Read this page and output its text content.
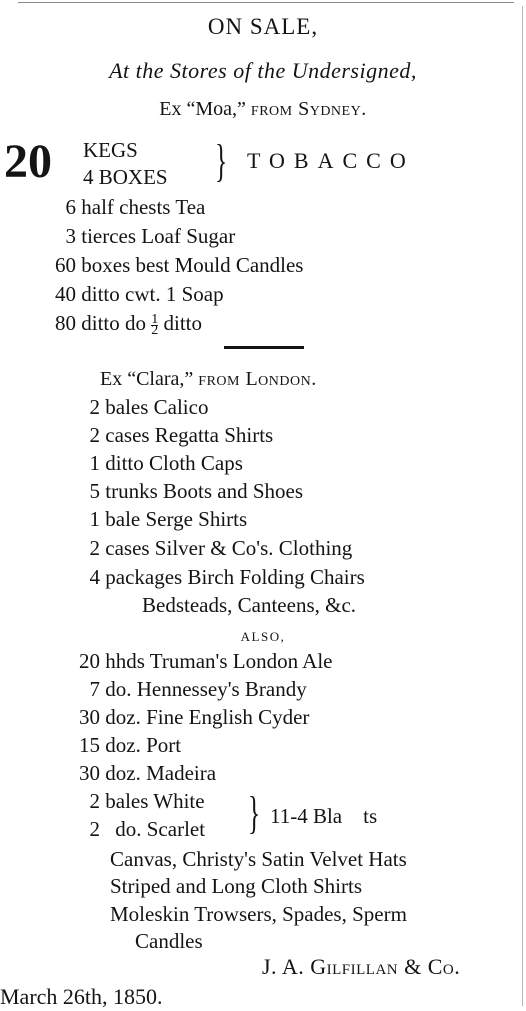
ON SALE,
At the Stores of the Undersigned,
Ex “Moa,” from Sydney.
20 KEGS
4 BOXES } TOBACCO
6 half chests Tea
3 tierces Loaf Sugar
60 boxes best Mould Candles
40 ditto cwt. 1 Soap
80 ditto do $\frac{1}{2}$ ditto
Ex “Clara,” from London.
2 bales Calico
2 cases Regatta Shirts
1 ditto Cloth Caps
5 trunks Boots and Shoes
1 bale Serge Shirts
2 cases Silver & Co's. Clothing
4 packages Birch Folding Chairs
Bedsteads, Canteens, &c.
ALSO,
20 hhds Truman's London Ale
7 do. Hennessey's Brandy
30 doz. Fine English Cyder
15 doz. Port
30 doz. Madeira
2 bales White
2 do. Scarlet } 11-4 Bla    ts
Canvas, Christy's Satin Velvet Hats
Striped and Long Cloth Shirts
Moleskin Trowsers, Spades, Sperm
Candles
J. A. Gilfillan & Co.
March 26th, 1850.
